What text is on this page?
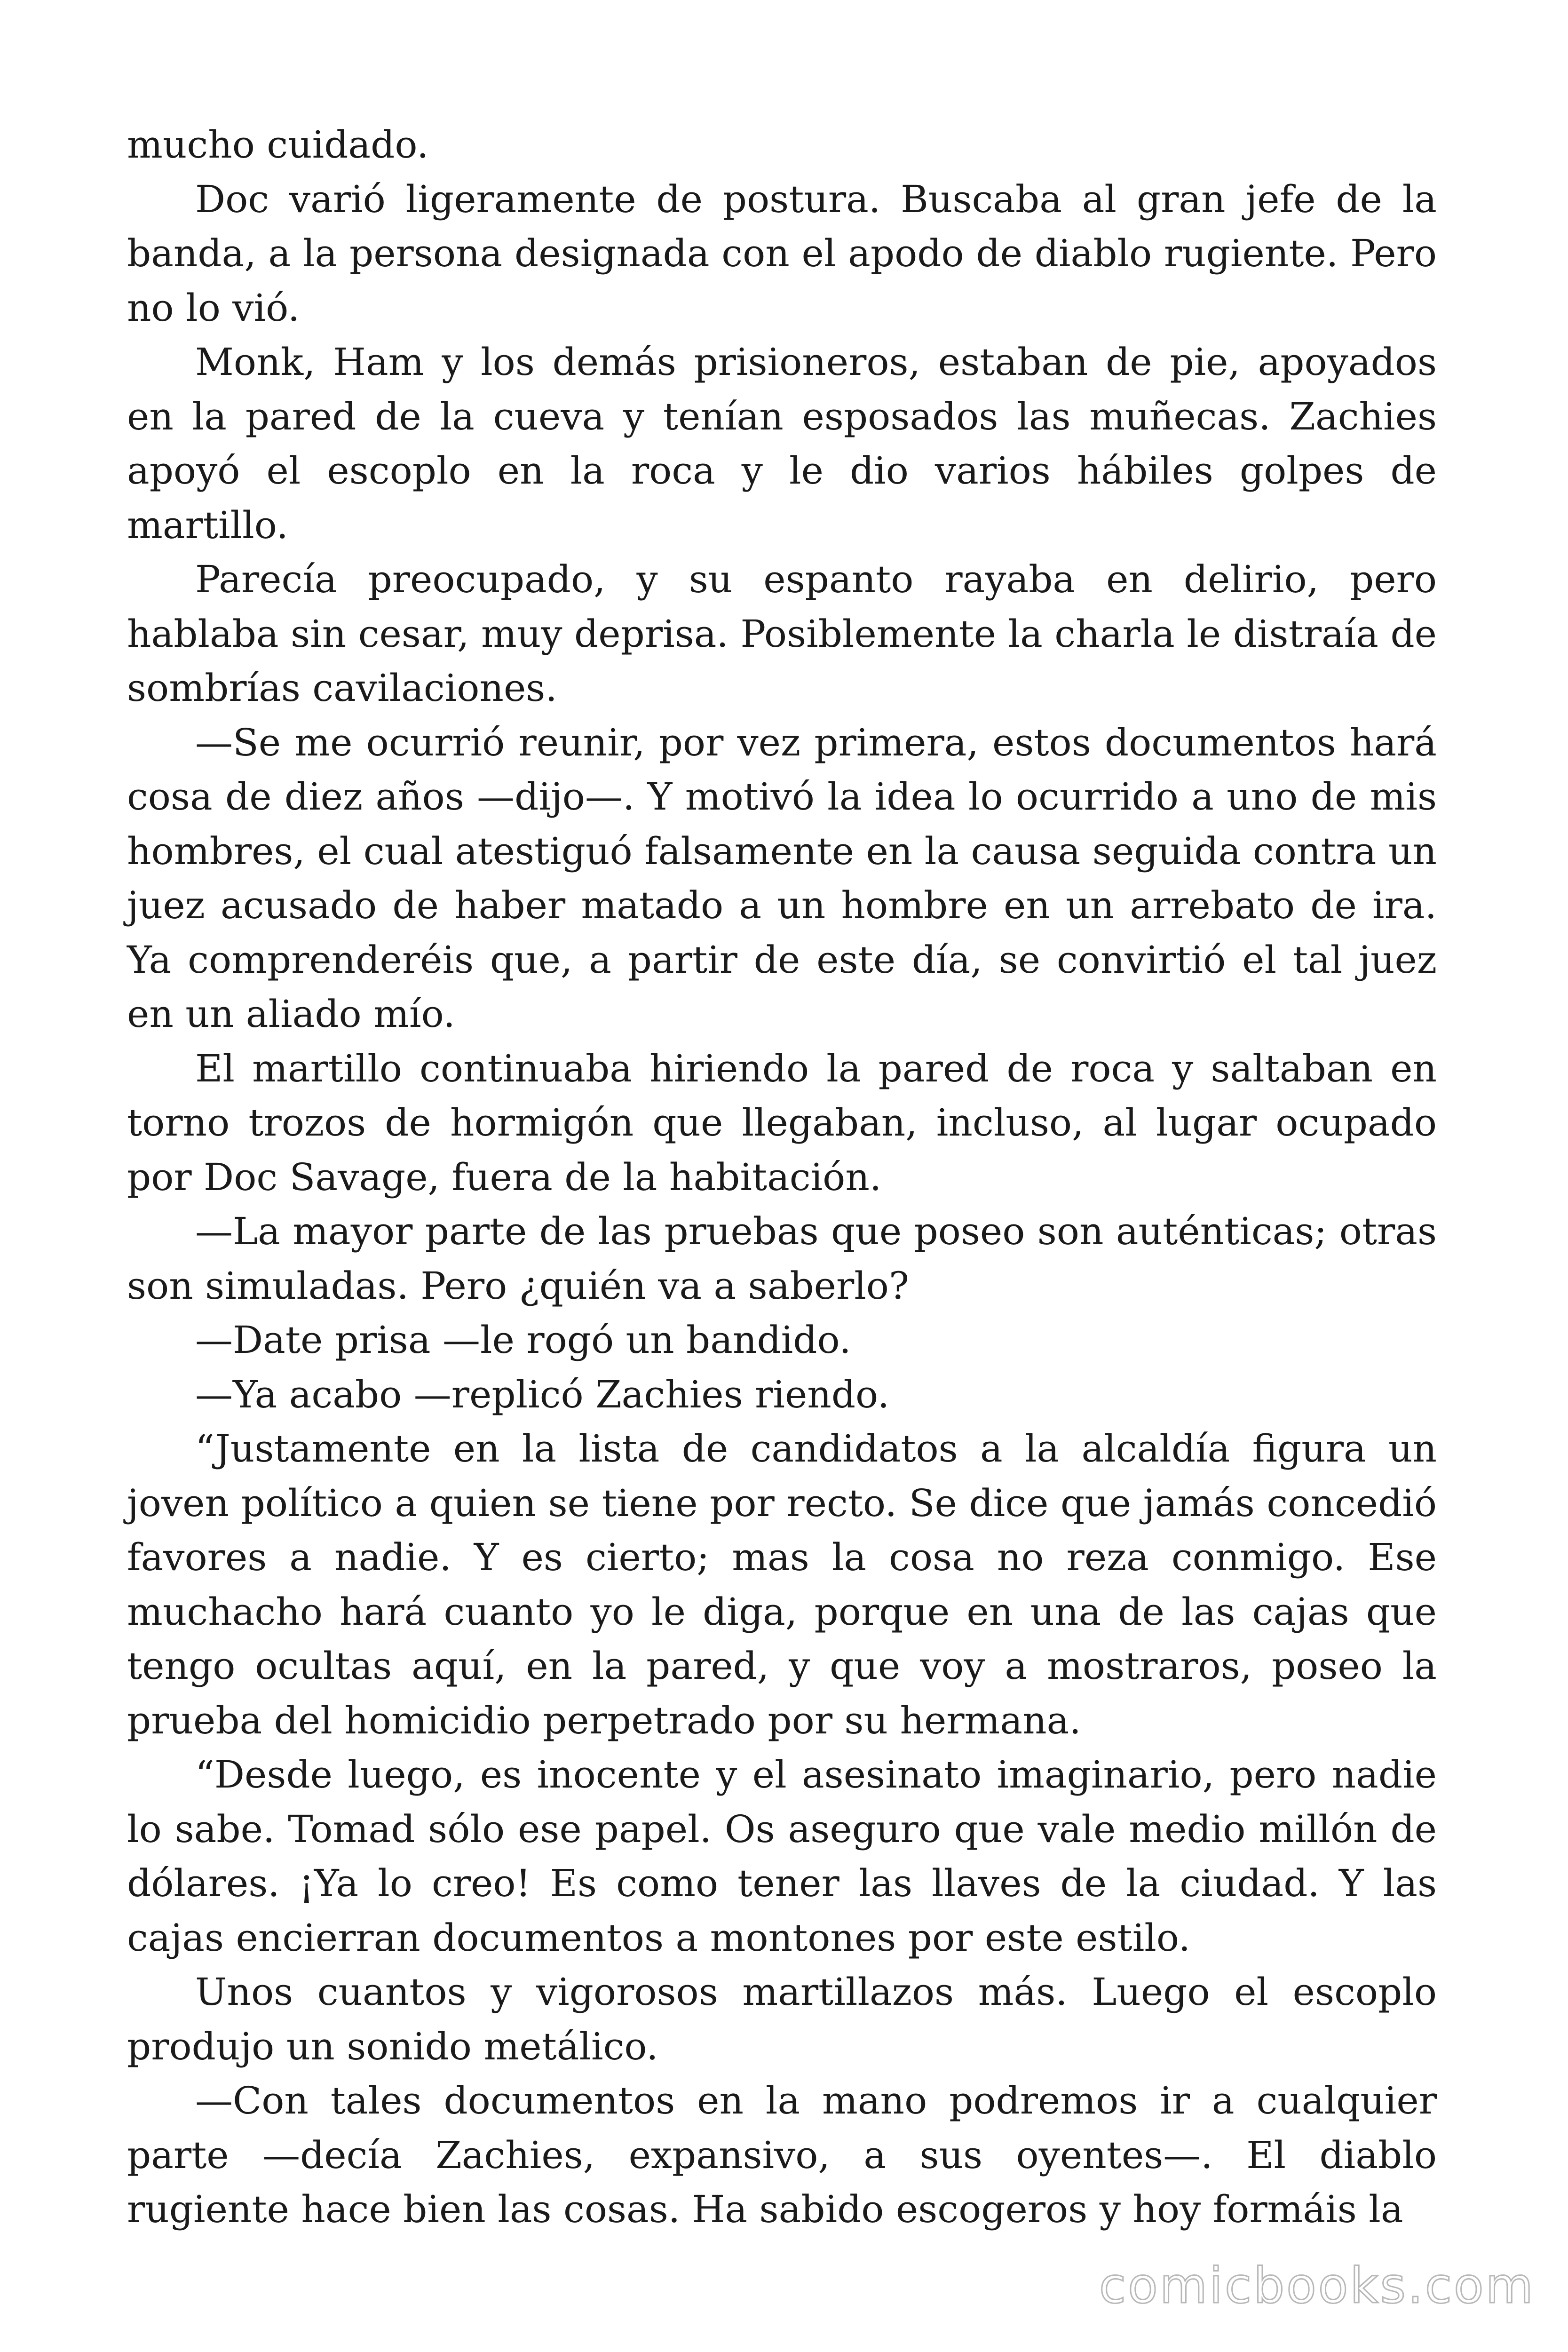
mucho cuidado.

Doc varió ligeramente de postura. Buscaba al gran jefe de la banda, a la persona designada con el apodo de diablo rugiente. Pero no lo vió.

Monk, Ham y los demás prisioneros, estaban de pie, apoyados en la pared de la cueva y tenían esposados las muñecas. Zachies apoyó el escoplo en la roca y le dio varios hábiles golpes de martillo.

Parecía preocupado, y su espanto rayaba en delirio, pero hablaba sin cesar, muy deprisa. Posiblemente la charla le distraía de sombrías cavilaciones.

—Se me ocurrió reunir, por vez primera, estos documentos hará cosa de diez años —dijo—. Y motivó la idea lo ocurrido a uno de mis hombres, el cual atestiguó falsamente en la causa seguida contra un juez acusado de haber matado a un hombre en un arrebato de ira. Ya comprenderéis que, a partir de este día, se convirtió el tal juez en un aliado mío.

El martillo continuaba hiriendo la pared de roca y saltaban en torno trozos de hormigón que llegaban, incluso, al lugar ocupado por Doc Savage, fuera de la habitación.

—La mayor parte de las pruebas que poseo son auténticas; otras son simuladas. Pero ¿quién va a saberlo?

—Date prisa —le rogó un bandido.

—Ya acabo —replicó Zachies riendo.

“Justamente en la lista de candidatos a la alcaldía figura un joven político a quien se tiene por recto. Se dice que jamás concedió favores a nadie. Y es cierto; mas la cosa no reza conmigo. Ese muchacho hará cuanto yo le diga, porque en una de las cajas que tengo ocultas aquí, en la pared, y que voy a mostraros, poseo la prueba del homicidio perpetrado por su hermana.

“Desde luego, es inocente y el asesinato imaginario, pero nadie lo sabe. Tomad sólo ese papel. Os aseguro que vale medio millón de dólares. ¡Ya lo creo! Es como tener las llaves de la ciudad. Y las cajas encierran documentos a montones por este estilo.

Unos cuantos y vigorosos martillazos más. Luego el escoplo produjo un sonido metálico.

—Con tales documentos en la mano podremos ir a cualquier parte —decía Zachies, expansivo, a sus oyentes—. El diablo rugiente hace bien las cosas. Ha sabido escogeros y hoy formáis la

comicbooks.com
